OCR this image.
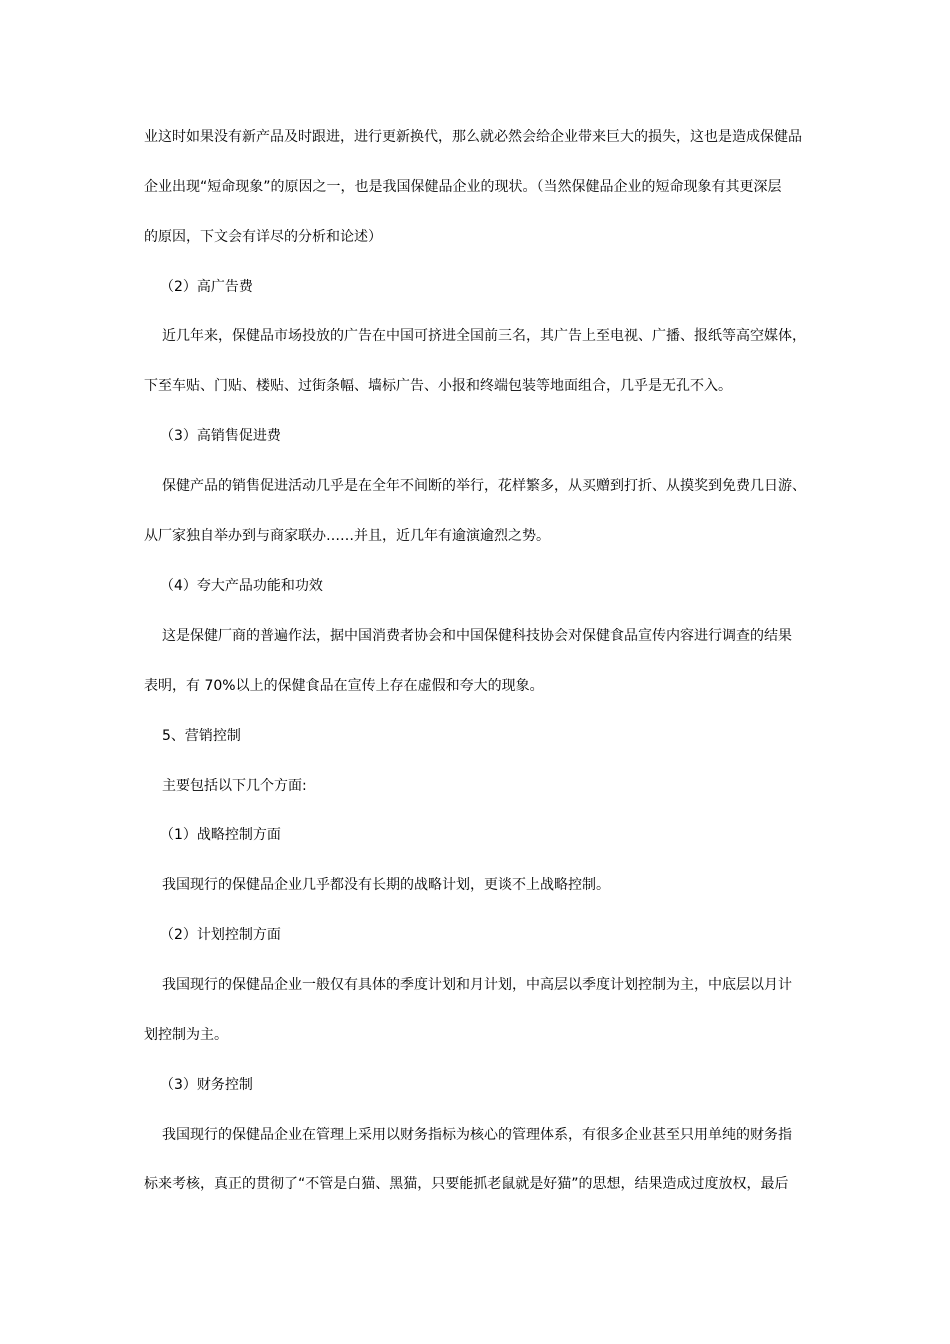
业这时如果没有新产品及时跟进，进行更新换代，那么就必然会给企业带来巨大的损失，这也是造成保健品
企业出现“短命现象”的原因之一，也是我国保健品企业的现状。（当然保健品企业的短命现象有其更深层
的原因，下文会有详尽的分析和论述）
（2）高广告费
近几年来，保健品市场投放的广告在中国可挤进全国前三名，其广告上至电视、广播、报纸等高空媒体，
下至车贴、门贴、楼贴、过街条幅、墙标广告、小报和终端包装等地面组合，几乎是无孔不入。
（3）高销售促进费
保健产品的销售促进活动几乎是在全年不间断的举行，花样繁多，从买赠到打折、从摸奖到免费几日游、
从厂家独自举办到与商家联办……并且，近几年有逾演逾烈之势。
（4）夸大产品功能和功效
这是保健厂商的普遍作法，据中国消费者协会和中国保健科技协会对保健食品宣传内容进行调查的结果
表明，有 70%以上的保健食品在宣传上存在虚假和夸大的现象。
5、营销控制
主要包括以下几个方面:
（1）战略控制方面
我国现行的保健品企业几乎都没有长期的战略计划，更谈不上战略控制。
（2）计划控制方面
我国现行的保健品企业一般仅有具体的季度计划和月计划，中高层以季度计划控制为主，中底层以月计
划控制为主。
（3）财务控制
我国现行的保健品企业在管理上采用以财务指标为核心的管理体系，有很多企业甚至只用单纯的财务指
标来考核，真正的贯彻了“不管是白猫、黑猫，只要能抓老鼠就是好猫”的思想，结果造成过度放权，最后
